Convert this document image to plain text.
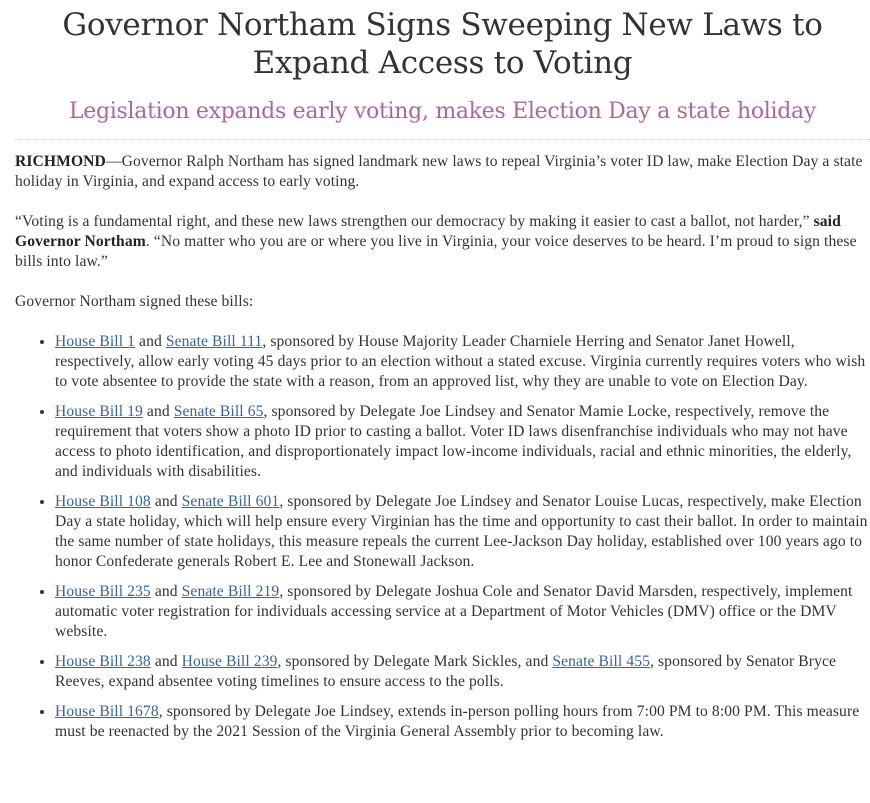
Governor Northam Signs Sweeping New Laws to Expand Access to Voting
Legislation expands early voting, makes Election Day a state holiday

RICHMOND—Governor Ralph Northam has signed landmark new laws to repeal Virginia’s voter ID law, make Election Day a state holiday in Virginia, and expand access to early voting.

“Voting is a fundamental right, and these new laws strengthen our democracy by making it easier to cast a ballot, not harder,” said Governor Northam. “No matter who you are or where you live in Virginia, your voice deserves to be heard. I’m proud to sign these bills into law.”

Governor Northam signed these bills:

• House Bill 1 and Senate Bill 111, sponsored by House Majority Leader Charniele Herring and Senator Janet Howell, respectively, allow early voting 45 days prior to an election without a stated excuse. Virginia currently requires voters who wish to vote absentee to provide the state with a reason, from an approved list, why they are unable to vote on Election Day.
• House Bill 19 and Senate Bill 65, sponsored by Delegate Joe Lindsey and Senator Mamie Locke, respectively, remove the requirement that voters show a photo ID prior to casting a ballot. Voter ID laws disenfranchise individuals who may not have access to photo identification, and disproportionately impact low-income individuals, racial and ethnic minorities, the elderly, and individuals with disabilities.
• House Bill 108 and Senate Bill 601, sponsored by Delegate Joe Lindsey and Senator Louise Lucas, respectively, make Election Day a state holiday, which will help ensure every Virginian has the time and opportunity to cast their ballot. In order to maintain the same number of state holidays, this measure repeals the current Lee-Jackson Day holiday, established over 100 years ago to honor Confederate generals Robert E. Lee and Stonewall Jackson.
• House Bill 235 and Senate Bill 219, sponsored by Delegate Joshua Cole and Senator David Marsden, respectively, implement automatic voter registration for individuals accessing service at a Department of Motor Vehicles (DMV) office or the DMV website.
• House Bill 238 and House Bill 239, sponsored by Delegate Mark Sickles, and Senate Bill 455, sponsored by Senator Bryce Reeves, expand absentee voting timelines to ensure access to the polls.
• House Bill 1678, sponsored by Delegate Joe Lindsey, extends in-person polling hours from 7:00 PM to 8:00 PM. This measure must be reenacted by the 2021 Session of the Virginia General Assembly prior to becoming law.
